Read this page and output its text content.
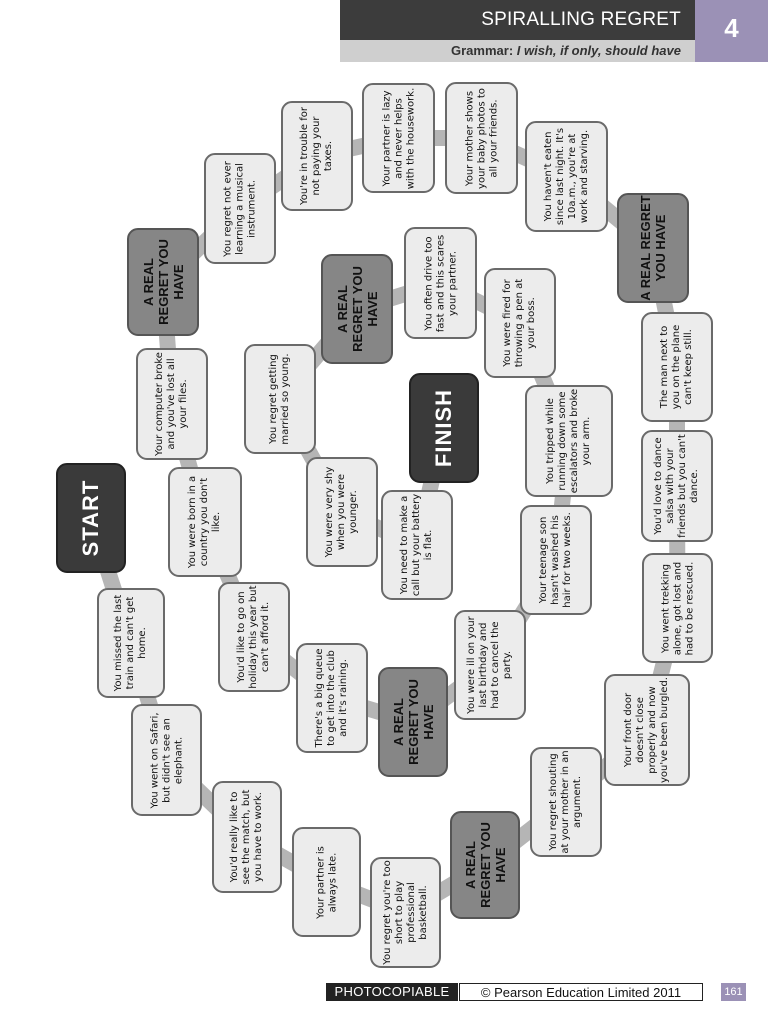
SPIRALLING REGRET
Grammar: I wish, if only, should have
4
START
FINISH
You missed the last train and can't get home.
You went on Safari, but didn't see an elephant.
You'd really like to see the match, but you have to work.
Your partner is always late.	You regret you're too short to play professional basketball.
A REAL REGRET YOU HAVE
You regret shouting at your mother in an argument.
Your front door doesn't close properly and now you've been burgled.
You went trekking alone, got lost and had to be rescued.
You'd love to dance salsa with your friends but you can't dance.
The man next to you on the plane can't keep still.
A REAL REGRET YOU HAVE
You haven't eaten since last night. It's 10a.m., you're at work and starving.
Your mother shows your baby photos to all your friends.
Your partner is lazy and never helps with the housework.
You're in trouble for not paying your taxes.
You regret not ever learning a musical instrument.
A REAL REGRET YOU HAVE
Your computer broke and you've lost all your files.
You were born in a country you don't like.
You'd like to go on holiday this year but can't afford it.
There's a big queue to get into the club and it's raining.	A REAL REGRET YOU HAVE
You were ill on your last birthday and had to cancel the party.
Your teenage son hasn't washed his hair for two weeks.
You tripped while running down some escalators and broke your arm.
You were fired for throwing a pen at your boss.
You often drive too fast and this scares your partner.
A REAL REGRET YOU HAVE
You regret getting married so young.
You were very shy when you were younger.	You need to make a call but your battery is flat.
PHOTOCOPIABLE	© Pearson Education Limited 2011	161
